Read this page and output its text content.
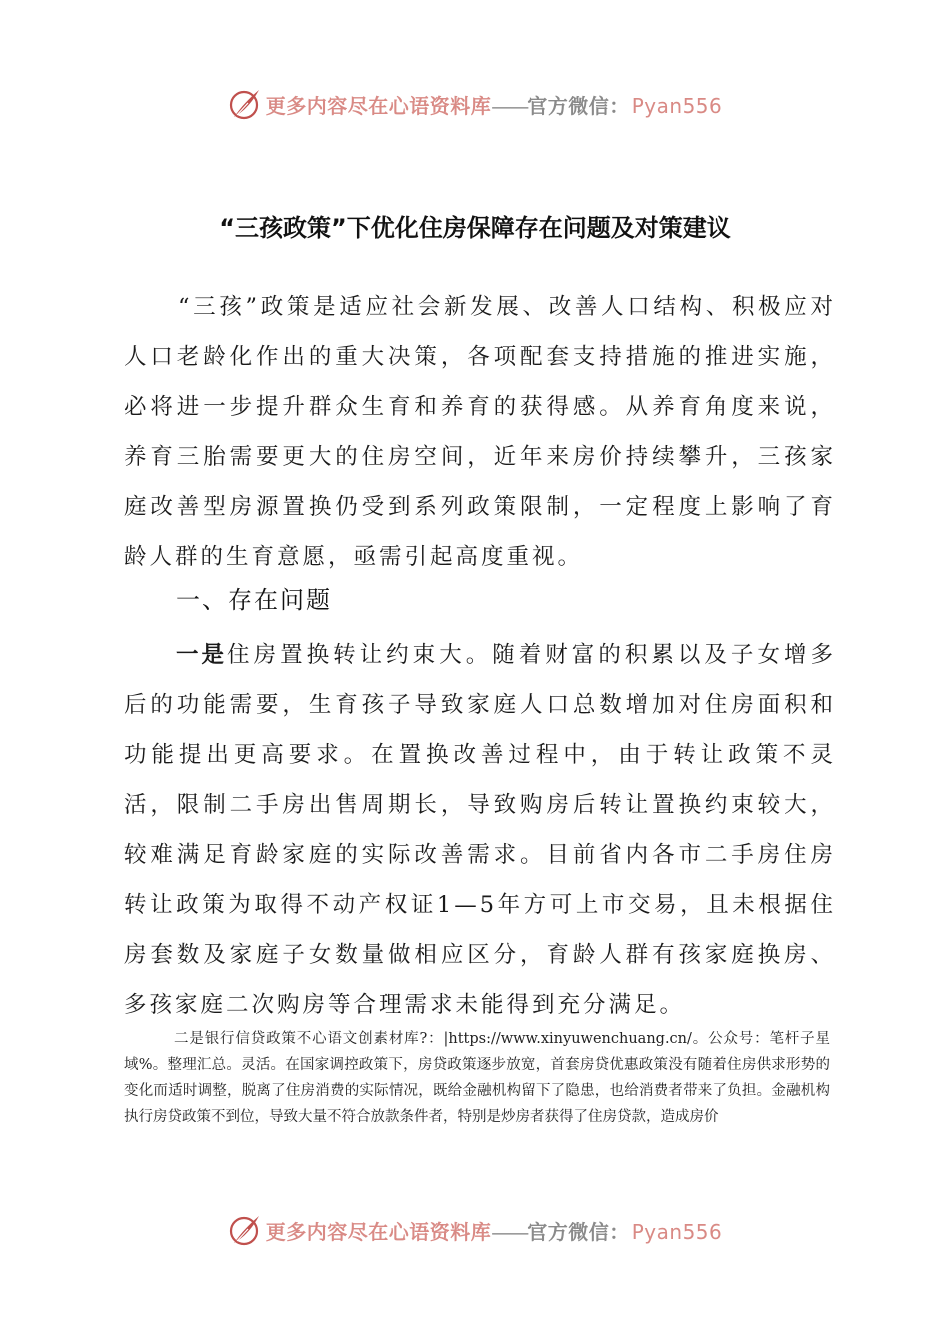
更多内容尽在心语资料库——官方微信： Pyan556
“三孩政策”下优化住房保障存在问题及对策建议

“三孩”政策是适应社会新发展、改善人口结构、积极应对人口老龄化作出的重大决策，各项配套支持措施的推进实施，必将进一步提升群众生育和养育的获得感。从养育角度来说，养育三胎需要更大的住房空间，近年来房价持续攀升，三孩家庭改善型房源置换仍受到系列政策限制，一定程度上影响了育龄人群的生育意愿，亟需引起高度重视。

一、存在问题

一是住房置换转让约束大。随着财富的积累以及子女增多后的功能需要，生育孩子导致家庭人口总数增加对住房面积和功能提出更高要求。在置换改善过程中，由于转让政策不灵活，限制二手房出售周期长，导致购房后转让置换约束较大，较难满足育龄家庭的实际改善需求。目前省内各市二手房住房转让政策为取得不动产权证1—5年方可上市交易，且未根据住房套数及家庭子女数量做相应区分，育龄人群有孩家庭换房、多孩家庭二次购房等合理需求未能得到充分满足。

二是银行信贷政策不心语文创素材库?：|https://www.xinyuwenchuang.cn/。公众号：笔杆子星域%。整理汇总。灵活。在国家调控政策下，房贷政策逐步放宽，首套房贷优惠政策没有随着住房供求形势的变化而适时调整，脱离了住房消费的实际情况，既给金融机构留下了隐患，也给消费者带来了负担。金融机构执行房贷政策不到位，导致大量不符合放款条件者，特别是炒房者获得了住房贷款，造成房价

更多内容尽在心语资料库——官方微信： Pyan556
